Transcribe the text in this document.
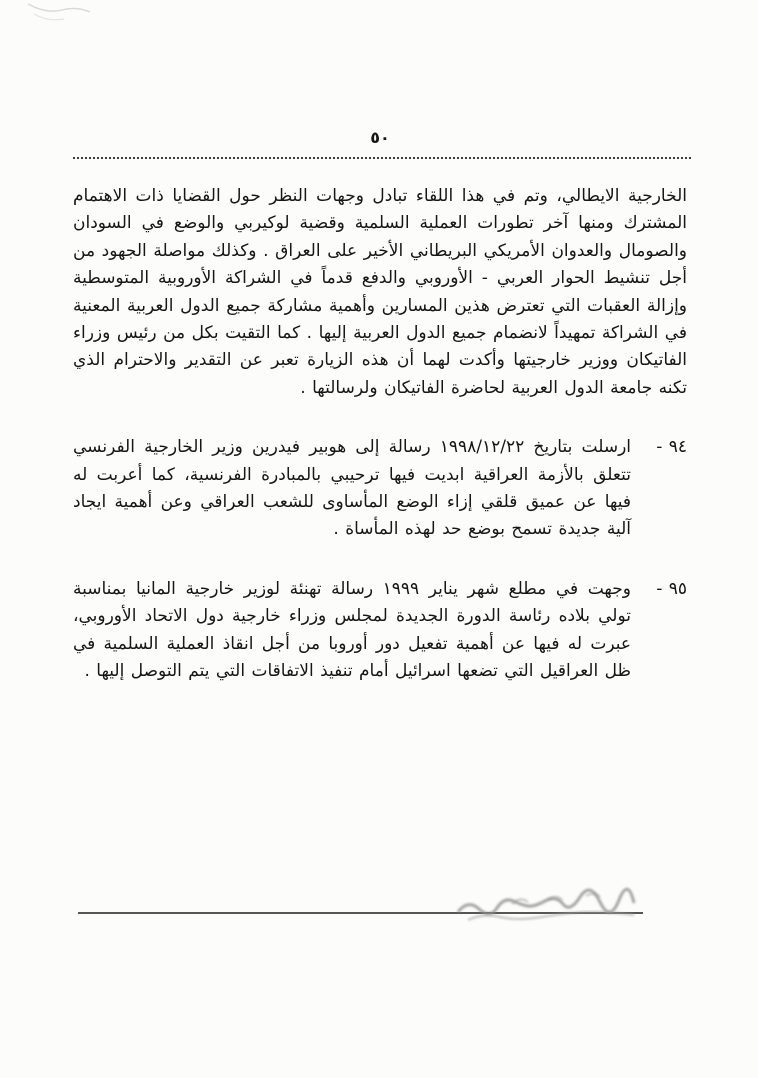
٥٠

الخارجية الايطالي، وتم في هذا اللقاء تبادل وجهات النظر حول القضايا ذات الاهتمام المشترك ومنها آخر تطورات العملية السلمية وقضية لوكيربي والوضع في السودان والصومال والعدوان الأمريكي البريطاني الأخير على العراق . وكذلك مواصلة الجهود من أجل تنشيط الحوار العربي - الأوروبي والدفع قدماً في الشراكة الأوروبية المتوسطية وإزالة العقبات التي تعترض هذين المسارين وأهمية مشاركة جميع الدول العربية المعنية في الشراكة تمهيداً لانضمام جميع الدول العربية إليها . كما التقيت بكل من رئيس وزراء الفاتيكان ووزير خارجيتها وأكدت لهما أن هذه الزيارة تعبر عن التقدير والاحترام الذي تكنه جامعة الدول العربية لحاضرة الفاتيكان ولرسالتها .

٩٤ -
ارسلت بتاريخ ١٩٩٨/١٢/٢٢ رسالة إلى هوبير فيدرين وزير الخارجية الفرنسي تتعلق بالأزمة العراقية ابديت فيها ترحيبي بالمبادرة الفرنسية، كما أعربت له فيها عن عميق قلقي إزاء الوضع المأساوى للشعب العراقي وعن أهمية ايجاد آلية جديدة تسمح بوضع حد لهذه المأساة .
٩٥ -
وجهت في مطلع شهر يناير ١٩٩٩ رسالة تهنئة لوزير خارجية المانيا بمناسبة تولي بلاده رئاسة الدورة الجديدة لمجلس وزراء خارجية دول الاتحاد الأوروبي، عبرت له فيها عن أهمية تفعيل دور أوروبا من أجل انقاذ العملية السلمية في ظل العراقيل التي تضعها اسرائيل أمام تنفيذ الاتفاقات التي يتم التوصل إليها .
